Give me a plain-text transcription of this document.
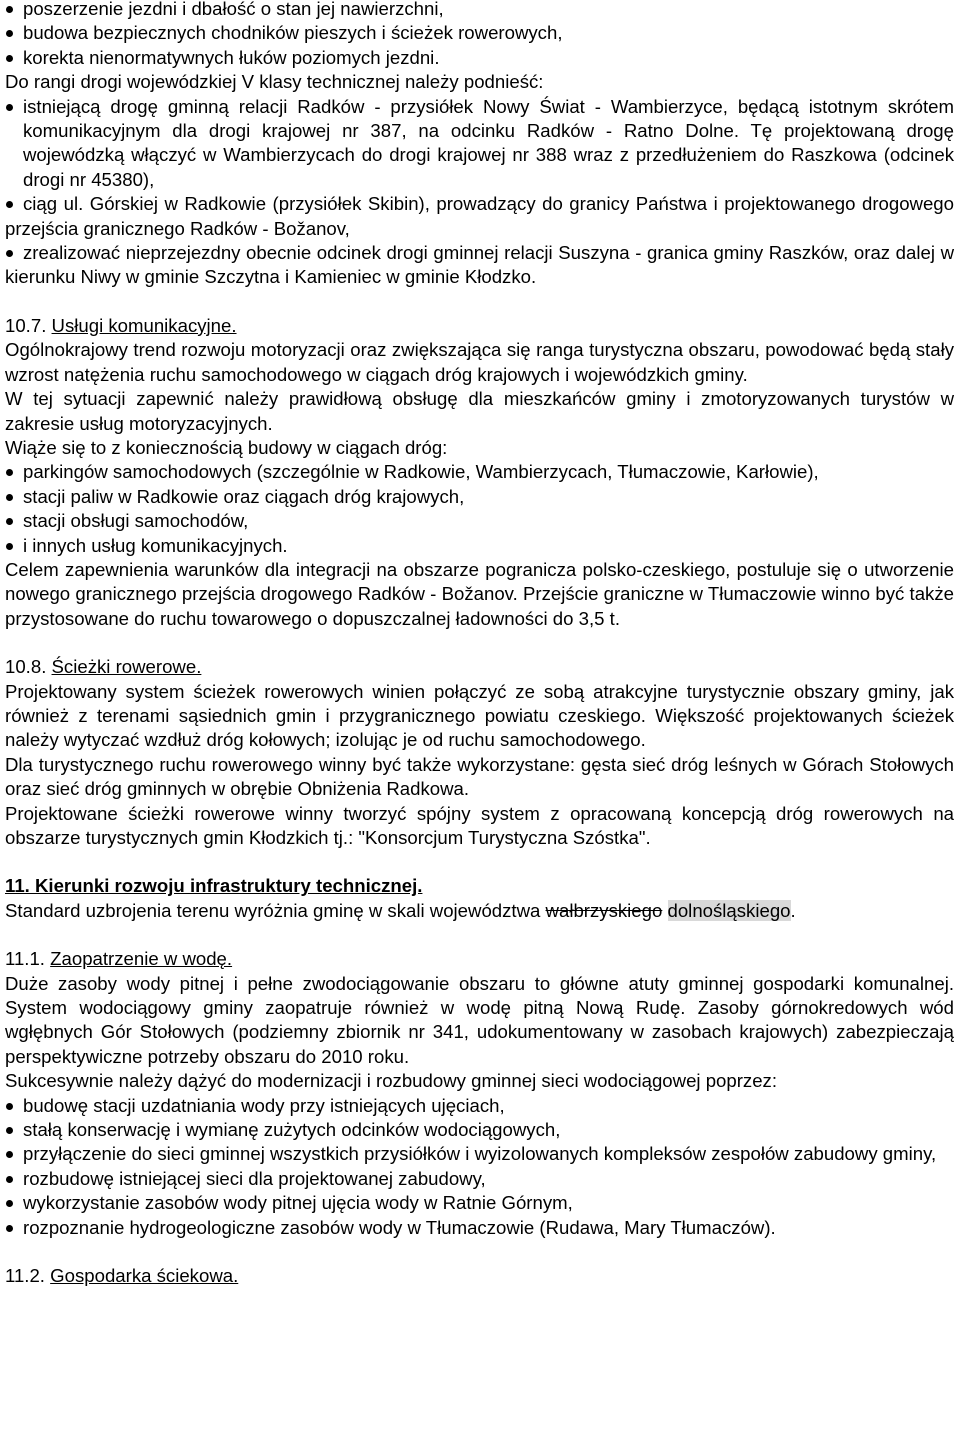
poszerzenie jezdni i dbałość o stan jej nawierzchni,
budowa bezpiecznych chodników pieszych i ścieżek rowerowych,
korekta nienormatywnych łuków poziomych jezdni.

Do rangi drogi wojewódzkiej V klasy technicznej należy podnieść:

istniejącą drogę gminną relacji Radków - przysiółek Nowy Świat - Wambierzyce, będącą istotnym skrótem komunikacyjnym dla drogi krajowej nr 387, na odcinku Radków - Ratno Dolne. Tę projektowaną drogę wojewódzką włączyć w Wambierzycach do drogi krajowej nr 388 wraz z przedłużeniem do Raszkowa (odcinek drogi nr 45380),
ciąg ul. Górskiej w Radkowie (przysiółek Skibin), prowadzący do granicy Państwa i projektowanego drogowego przejścia granicznego Radków - Božanov,
zrealizować nieprzejezdny obecnie odcinek drogi gminnej relacji Suszyna - granica gminy Raszków, oraz dalej w kierunku Niwy w gminie Szczytna i Kamieniec w gminie Kłodzko.

10.7. Usługi komunikacyjne.

Ogólnokrajowy trend rozwoju motoryzacji oraz zwiększająca się ranga turystyczna obszaru, powodować będą stały wzrost natężenia ruchu samochodowego w ciągach dróg krajowych i wojewódzkich gminy.

W tej sytuacji zapewnić należy prawidłową obsługę dla mieszkańców gminy i zmotoryzowanych turystów w zakresie usług motoryzacyjnych.

Wiąże się to z koniecznością budowy w ciągach dróg:

parkingów samochodowych (szczególnie w Radkowie, Wambierzycach, Tłumaczowie, Karłowie),
stacji paliw w Radkowie oraz ciągach dróg krajowych,
stacji obsługi samochodów,
i innych usług komunikacyjnych.

Celem zapewnienia warunków dla integracji na obszarze pogranicza polsko-czeskiego, postuluje się o utworzenie nowego granicznego przejścia drogowego Radków - Božanov. Przejście graniczne w Tłumaczowie winno być także przystosowane do ruchu towarowego o dopuszczalnej ładowności do 3,5 t.

10.8. Ścieżki rowerowe.

Projektowany system ścieżek rowerowych winien połączyć ze sobą atrakcyjne turystycznie obszary gminy, jak również z terenami sąsiednich gmin i przygranicznego powiatu czeskiego. Większość projektowanych ścieżek należy wytyczać wzdłuż dróg kołowych; izolując je od ruchu samochodowego.

Dla turystycznego ruchu rowerowego winny być także wykorzystane: gęsta sieć dróg leśnych w Górach Stołowych oraz sieć dróg gminnych w obrębie Obniżenia Radkowa.

Projektowane ścieżki rowerowe winny tworzyć spójny system z opracowaną koncepcją dróg rowerowych na obszarze turystycznych gmin Kłodzkich tj.: "Konsorcjum Turystyczna Szóstka".

11. Kierunki rozwoju infrastruktury technicznej.

Standard uzbrojenia terenu wyróżnia gminę w skali województwa wałbrzyskiego dolnośląskiego.

11.1. Zaopatrzenie w wodę.

Duże zasoby wody pitnej i pełne zwodociągowanie obszaru to główne atuty gminnej gospodarki komunalnej. System wodociągowy gminy zaopatruje również w wodę pitną Nową Rudę. Zasoby górnokredowych wód wgłębnych Gór Stołowych (podziemny zbiornik nr 341, udokumentowany w zasobach krajowych) zabezpieczają perspektywiczne potrzeby obszaru do 2010 roku.

Sukcesywnie należy dążyć do modernizacji i rozbudowy gminnej sieci wodociągowej poprzez:

budowę stacji uzdatniania wody przy istniejących ujęciach,
stałą konserwację i wymianę zużytych odcinków wodociągowych,
przyłączenie do sieci gminnej wszystkich przysiółków i wyizolowanych kompleksów zespołów zabudowy gminy,
rozbudowę istniejącej sieci dla projektowanej zabudowy,
wykorzystanie zasobów wody pitnej ujęcia wody w Ratnie Górnym,
rozpoznanie hydrogeologiczne zasobów wody w Tłumaczowie (Rudawa, Mary Tłumaczów).

11.2. Gospodarka ściekowa.
